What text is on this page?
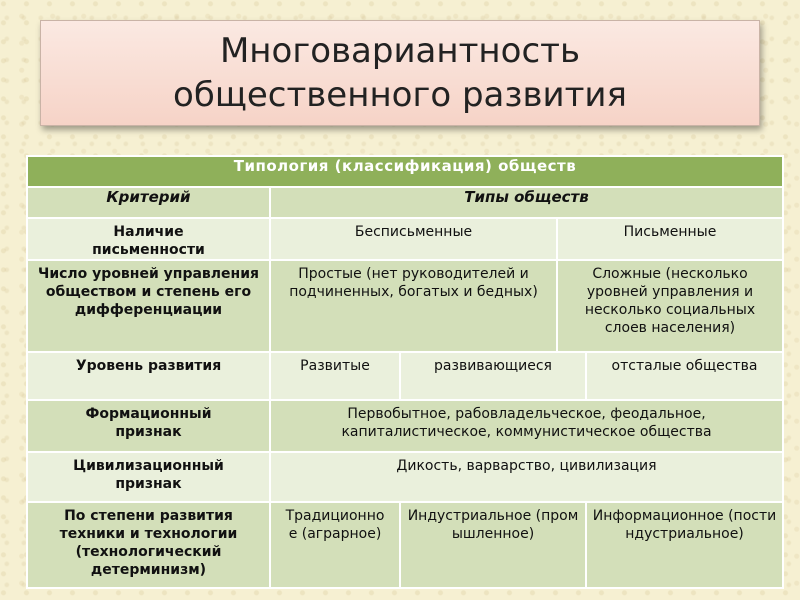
Многовариантность
общественного развития
Типология (классификация) обществ				
Критерий	Типы обществ			
Наличие письменности	Бесписьменные		Письменные	
Число уровней управления обществом и степень его дифференциации	Простые (нет руководителей и подчиненных, богатых и бедных)		Сложные (несколько уровней управления и несколько социальных слоев населения)	
Уровень развития	Развитые	развивающиеся		отсталые общества
Формационный признак	Первобытное, рабовладельческое, феодальное, капиталистическое, коммунистическое общества			
Цивилизационный признак	Дикость, варварство, цивилизация			
По степени развития техники и технологии (технологический детерминизм)	Традиционное (аграрное)	Индустриальное (промышленное)		Информационное (постиндустриальное)
